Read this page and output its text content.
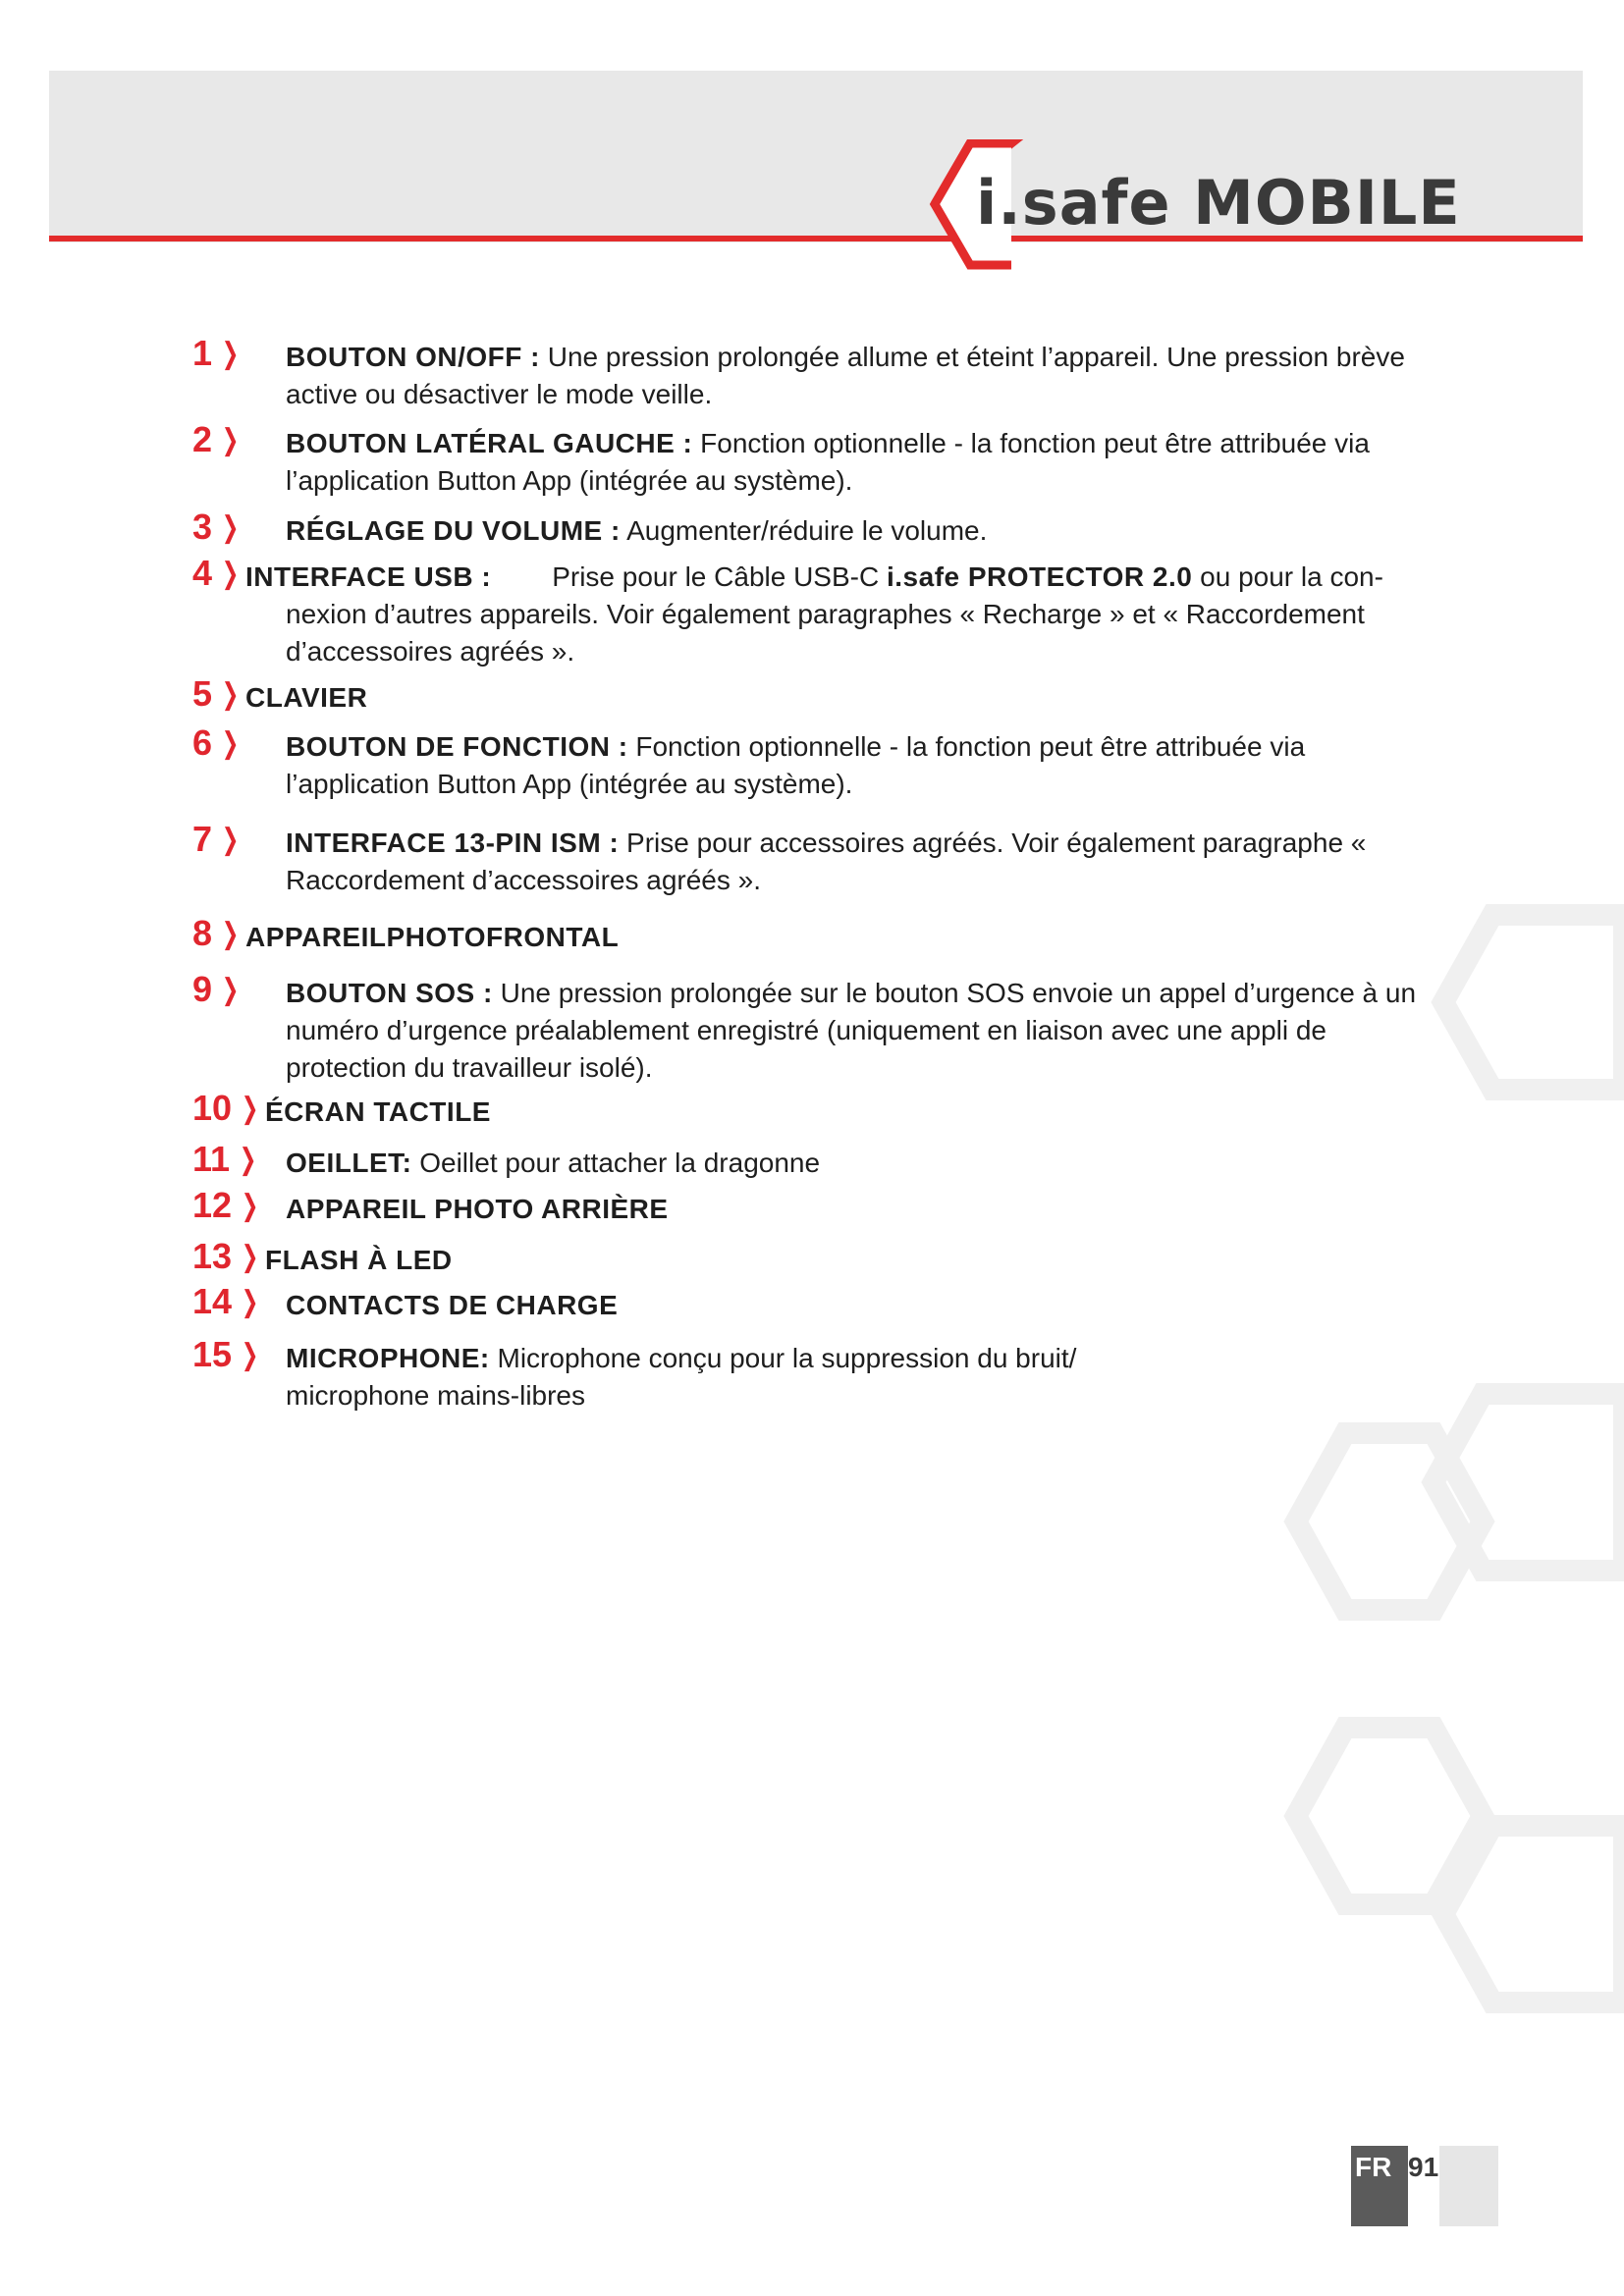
i.safe MOBILE
1 ❯ BOUTON ON/OFF : Une pression prolongée allume et éteint l’appareil. Une pression brève active ou désactiver le mode veille.
2 ❯ BOUTON LATÉRAL GAUCHE : Fonction optionnelle - la fonction peut être attribuée via l’application Button App (intégrée au système).
3 ❯ RÉGLAGE DU VOLUME : Augmenter/réduire le volume.
4 ❯ INTERFACE USB : Prise pour le Câble USB-C i.safe PROTECTOR 2.0 ou pour la con-
nexion d’autres appareils. Voir également paragraphes « Recharge » et « Raccordement d’accessoires agréés ».
5 ❯ CLAVIER
6 ❯ BOUTON DE FONCTION : Fonction optionnelle - la fonction peut être attribuée via l’application Button App (intégrée au système).
7 ❯ INTERFACE 13-PIN ISM : Prise pour accessoires agréés. Voir également paragraphe « Raccordement d’accessoires agréés ».
8 ❯ APPAREILPHOTOFRONTAL
9 ❯ BOUTON SOS : Une pression prolongée sur le bouton SOS envoie un appel d’urgence à un numéro d’urgence préalablement enregistré (uniquement en liaison avec une appli de protection du travailleur isolé).
10 ❯ ÉCRAN TACTILE
11 ❯ OEILLET: Oeillet pour attacher la dragonne
12 ❯ APPAREIL PHOTO ARRIÈRE
13 ❯ FLASH À LED
14 ❯ CONTACTS DE CHARGE
15 ❯ MICROPHONE: Microphone conçu pour la suppression du bruit/ microphone mains-libres
FR 91
